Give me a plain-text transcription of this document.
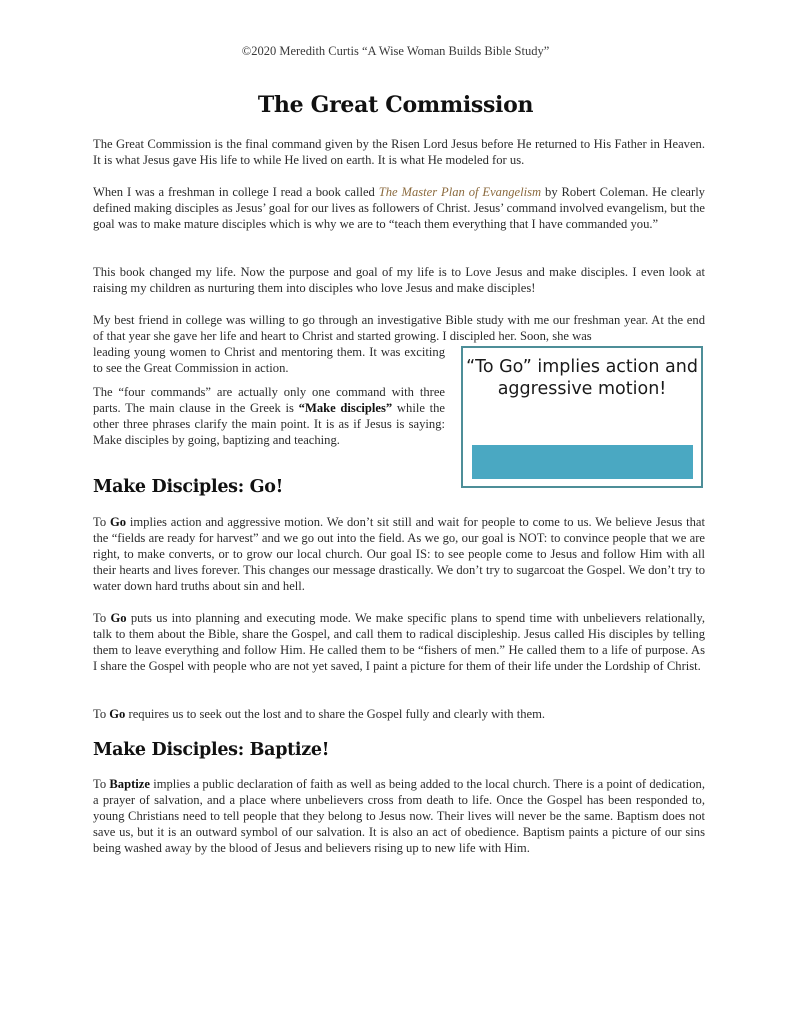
©2020 Meredith Curtis “A Wise Woman Builds Bible Study”
The Great Commission

The Great Commission is the final command given by the Risen Lord Jesus before He returned to His Father in Heaven. It is what Jesus gave His life to while He lived on earth. It is what He modeled for us.

When I was a freshman in college I read a book called The Master Plan of Evangelism by Robert Coleman. He clearly defined making disciples as Jesus’ goal for our lives as followers of Christ. Jesus’ command involved evangelism, but the goal was to make mature disciples which is why we are to “teach them everything that I have commanded you.”

This book changed my life. Now the purpose and goal of my life is to Love Jesus and make disciples. I even look at raising my children as nurturing them into disciples who love Jesus and make disciples!

My best friend in college was willing to go through an investigative Bible study with me our freshman year. At the end of that year she gave her life and heart to Christ and started growing. I discipled her. Soon, she was

leading young women to Christ and mentoring them. It was exciting to see the Great Commission in action.

The “four commands” are actually only one command with three parts. The main clause in the Greek is “Make disciples” while the other three phrases clarify the main point. It is as if Jesus is saying: Make disciples by going, baptizing and teaching.

“To Go” implies action and aggressive motion!
Make Disciples: Go!

To Go implies action and aggressive motion. We don’t sit still and wait for people to come to us. We believe Jesus that the “fields are ready for harvest” and we go out into the field. As we go, our goal is NOT: to convince people that we are right, to make converts, or to grow our local church. Our goal IS: to see people come to Jesus and follow Him with all their hearts and lives forever. This changes our message drastically. We don’t try to sugarcoat the Gospel. We don’t try to water down hard truths about sin and hell.

To Go puts us into planning and executing mode. We make specific plans to spend time with unbelievers relationally, talk to them about the Bible, share the Gospel, and call them to radical discipleship. Jesus called His disciples by telling them to leave everything and follow Him. He called them to be “fishers of men.” He called them to a life of purpose. As I share the Gospel with people who are not yet saved, I paint a picture for them of their life under the Lordship of Christ.

To Go requires us to seek out the lost and to share the Gospel fully and clearly with them.

Make Disciples: Baptize!

To Baptize implies a public declaration of faith as well as being added to the local church. There is a point of dedication, a prayer of salvation, and a place where unbelievers cross from death to life. Once the Gospel has been responded to, young Christians need to tell people that they belong to Jesus now. Their lives will never be the same. Baptism does not save us, but it is an outward symbol of our salvation. It is also an act of obedience. Baptism paints a picture of our sins being washed away by the blood of Jesus and believers rising up to new life with Him.
